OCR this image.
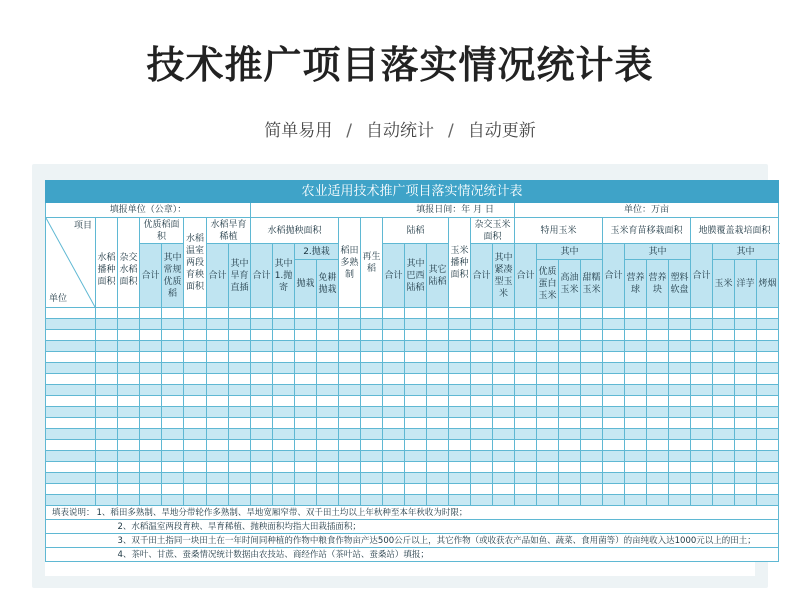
技术推广项目落实情况统计表
简单易用 / 自动统计 / 自动更新
农业适用技术推广项目落实情况统计表																																
填报单位（公章）：								填报日间：年 月 日												单位：万亩												

项目
单位	水稻播种面积	杂交水稻面积	优质稻面积		水稻温室两段育秧面积	水稻旱育稀植		水稻抛秧面积				稻田多熟制	再生稻	陆稻			玉米播种面积	杂交玉米面积		特用玉米				玉米育苗移栽面积				地膜覆盖栽培面积				
			合计	其中常规优质稻		合计	其中旱育直插	合计	其中1.抛寄	2.抛栽				合计	其中巴西陆稻	其它陆稻		合计	其中紧凑型玉米	合计	其中			合计	其中			合计	其中			
										抛栽	免耕抛栽										优质蛋白玉米	高油玉米	甜糯玉米		营养球	营养块	塑料软盘		玉米	洋芋	烤烟	

填表说明：	1、稻田多熟制、旱地分带轮作多熟制、旱地宽厢窄带、双千田土均以上年秋种至本年秋收为时限；																															
	2、水稻温室两段育秧、旱育稀植、抛秧面积均指大田栽插面积；																															
	3、双千田土指同一块田土在一年时间同种植的作物中粮食作物亩产达500公斤以上，其它作物（或收获农产品如鱼、蔬菜、食用菌等）的亩纯收入达1000元以上的田土；																															
	4、茶叶、甘蔗、蚕桑情况统计数据由农技站、商经作站（茶叶站、蚕桑站）填报；																															
